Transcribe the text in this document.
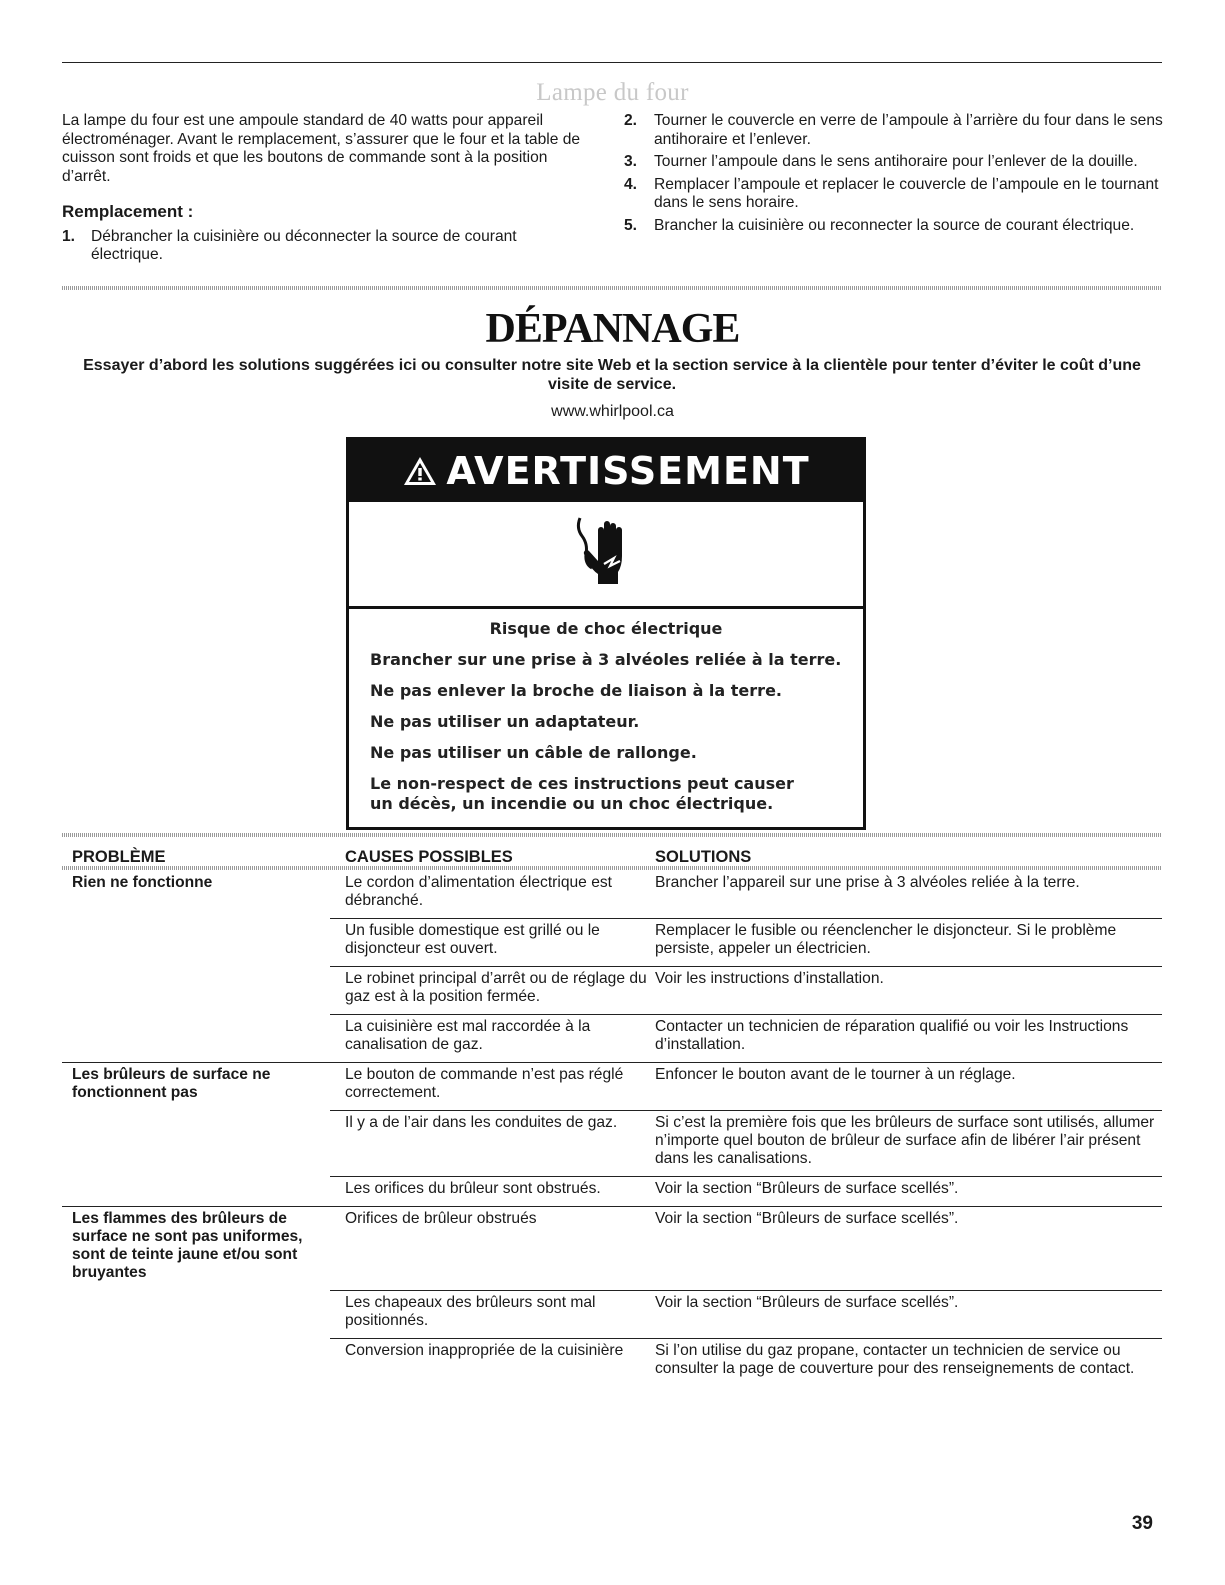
Lampe du four

La lampe du four est une ampoule standard de 40 watts pour appareil électroménager. Avant le remplacement, s’assurer que le four et la table de cuisson sont froids et que les boutons de commande sont à la position d’arrêt.

Remplacement :
1.	Débrancher la cuisinière ou déconnecter la source de courant électrique.
2.	Tourner le couvercle en verre de l’ampoule à l’arrière du four dans le sens antihoraire et l’enlever.
3.	Tourner l’ampoule dans le sens antihoraire pour l’enlever de la douille.
4.	Remplacer l’ampoule et replacer le couvercle de l’ampoule en le tournant dans le sens horaire.
5.	Brancher la cuisinière ou reconnecter la source de courant électrique.
DÉPANNAGE
Essayer d’abord les solutions suggérées ici ou consulter notre site Web et la section service à la clientèle pour tenter d’éviter le coût d’une visite de service.
www.whirlpool.ca
AVERTISSEMENT
Risque de choc électrique
Brancher sur une prise à 3 alvéoles reliée à la terre.
Ne pas enlever la broche de liaison à la terre.
Ne pas utiliser un adaptateur.
Ne pas utiliser un câble de rallonge.
Le non-respect de ces instructions peut causer
un décès, un incendie ou un choc électrique.
PROBLÈME	CAUSES POSSIBLES	SOLUTIONS
Rien ne fonctionne	Le cordon d’alimentation électrique est débranché.	Brancher l’appareil sur une prise à 3 alvéoles reliée à la terre.
	Un fusible domestique est grillé ou le disjoncteur est ouvert.	Remplacer le fusible ou réenclencher le disjoncteur. Si le problème persiste, appeler un électricien.
	Le robinet principal d’arrêt ou de réglage du gaz est à la position fermée.	Voir les instructions d’installation.
	La cuisinière est mal raccordée à la canalisation de gaz.	Contacter un technicien de réparation qualifié ou voir les Instructions d’installation.
Les brûleurs de surface ne fonctionnent pas	Le bouton de commande n’est pas réglé correctement.	Enfoncer le bouton avant de le tourner à un réglage.
	Il y a de l’air dans les conduites de gaz.	Si c’est la première fois que les brûleurs de surface sont utilisés, allumer n’importe quel bouton de brûleur de surface afin de libérer l’air présent dans les canalisations.
	Les orifices du brûleur sont obstrués.	Voir la section “Brûleurs de surface scellés”.
Les flammes des brûleurs de surface ne sont pas uniformes, sont de teinte jaune et/ou sont bruyantes	Orifices de brûleur obstrués	Voir la section “Brûleurs de surface scellés”.
	Les chapeaux des brûleurs sont mal positionnés.	Voir la section “Brûleurs de surface scellés”.
	Conversion inappropriée de la cuisinière	Si l’on utilise du gaz propane, contacter un technicien de service ou consulter la page de couverture pour des renseignements de contact.
39
